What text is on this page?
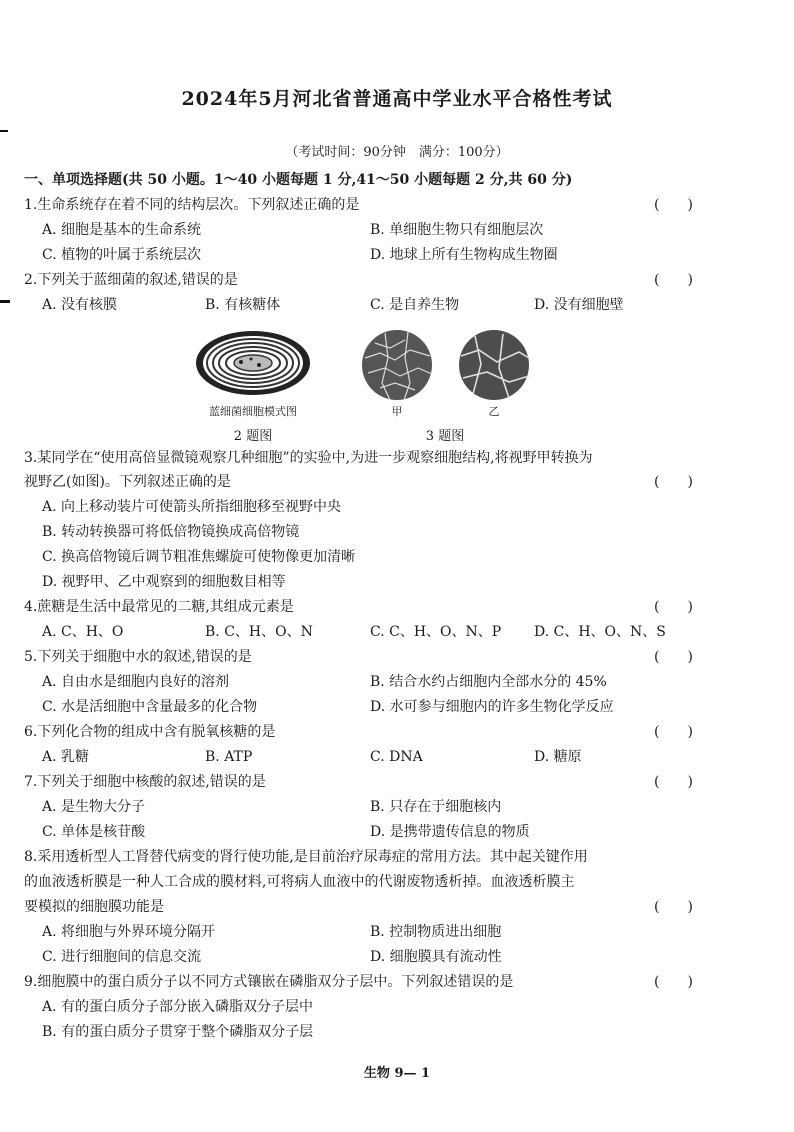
2024年5月河北省普通高中学业水平合格性考试
（考试时间：90分钟　满分：100分）
一、单项选择题(共 50 小题。1～40 小题每题 1 分,41～50 小题每题 2 分,共 60 分)
1.生命系统存在着不同的结构层次。下列叙述正确的是	(　　)
A. 细胞是基本的生命系统	B. 单细胞生物只有细胞层次
C. 植物的叶属于系统层次	D. 地球上所有生物构成生物圈
2.下列关于蓝细菌的叙述,错误的是	(　　)
A. 没有核膜	B. 有核糖体	C. 是自养生物	D. 没有细胞壁
蓝细菌细胞模式图
2 题图
甲	乙
3 题图
3.某同学在“使用高倍显微镜观察几种细胞”的实验中,为进一步观察细胞结构,将视野甲转换为
视野乙(如图)。下列叙述正确的是	(　　)
A. 向上移动装片可使箭头所指细胞移至视野中央
B. 转动转换器可将低倍物镜换成高倍物镜
C. 换高倍物镜后调节粗准焦螺旋可使物像更加清晰
D. 视野甲、乙中观察到的细胞数目相等
4.蔗糖是生活中最常见的二糖,其组成元素是	(　　)
A. C、H、O	B. C、H、O、N	C. C、H、O、N、P D. C、H、O、N、S
5.下列关于细胞中水的叙述,错误的是	(　　)
A. 自由水是细胞内良好的溶剂	B. 结合水约占细胞内全部水分的 45%
C. 水是活细胞中含量最多的化合物	D. 水可参与细胞内的许多生物化学反应
6.下列化合物的组成中含有脱氧核糖的是	(　　)
A. 乳糖	B. ATP	C. DNA	D. 糖原
7.下列关于细胞中核酸的叙述,错误的是	(　　)
A. 是生物大分子	B. 只存在于细胞核内
C. 单体是核苷酸	D. 是携带遗传信息的物质
8.采用透析型人工肾替代病变的肾行使功能,是目前治疗尿毒症的常用方法。其中起关键作用
的血液透析膜是一种人工合成的膜材料,可将病人血液中的代谢废物透析掉。血液透析膜主
要模拟的细胞膜功能是	(　　)
A. 将细胞与外界环境分隔开	B. 控制物质进出细胞
C. 进行细胞间的信息交流	D. 细胞膜具有流动性
9.细胞膜中的蛋白质分子以不同方式镶嵌在磷脂双分子层中。下列叙述错误的是	(　　)
A. 有的蛋白质分子部分嵌入磷脂双分子层中
B. 有的蛋白质分子贯穿于整个磷脂双分子层
生物 9— 1
